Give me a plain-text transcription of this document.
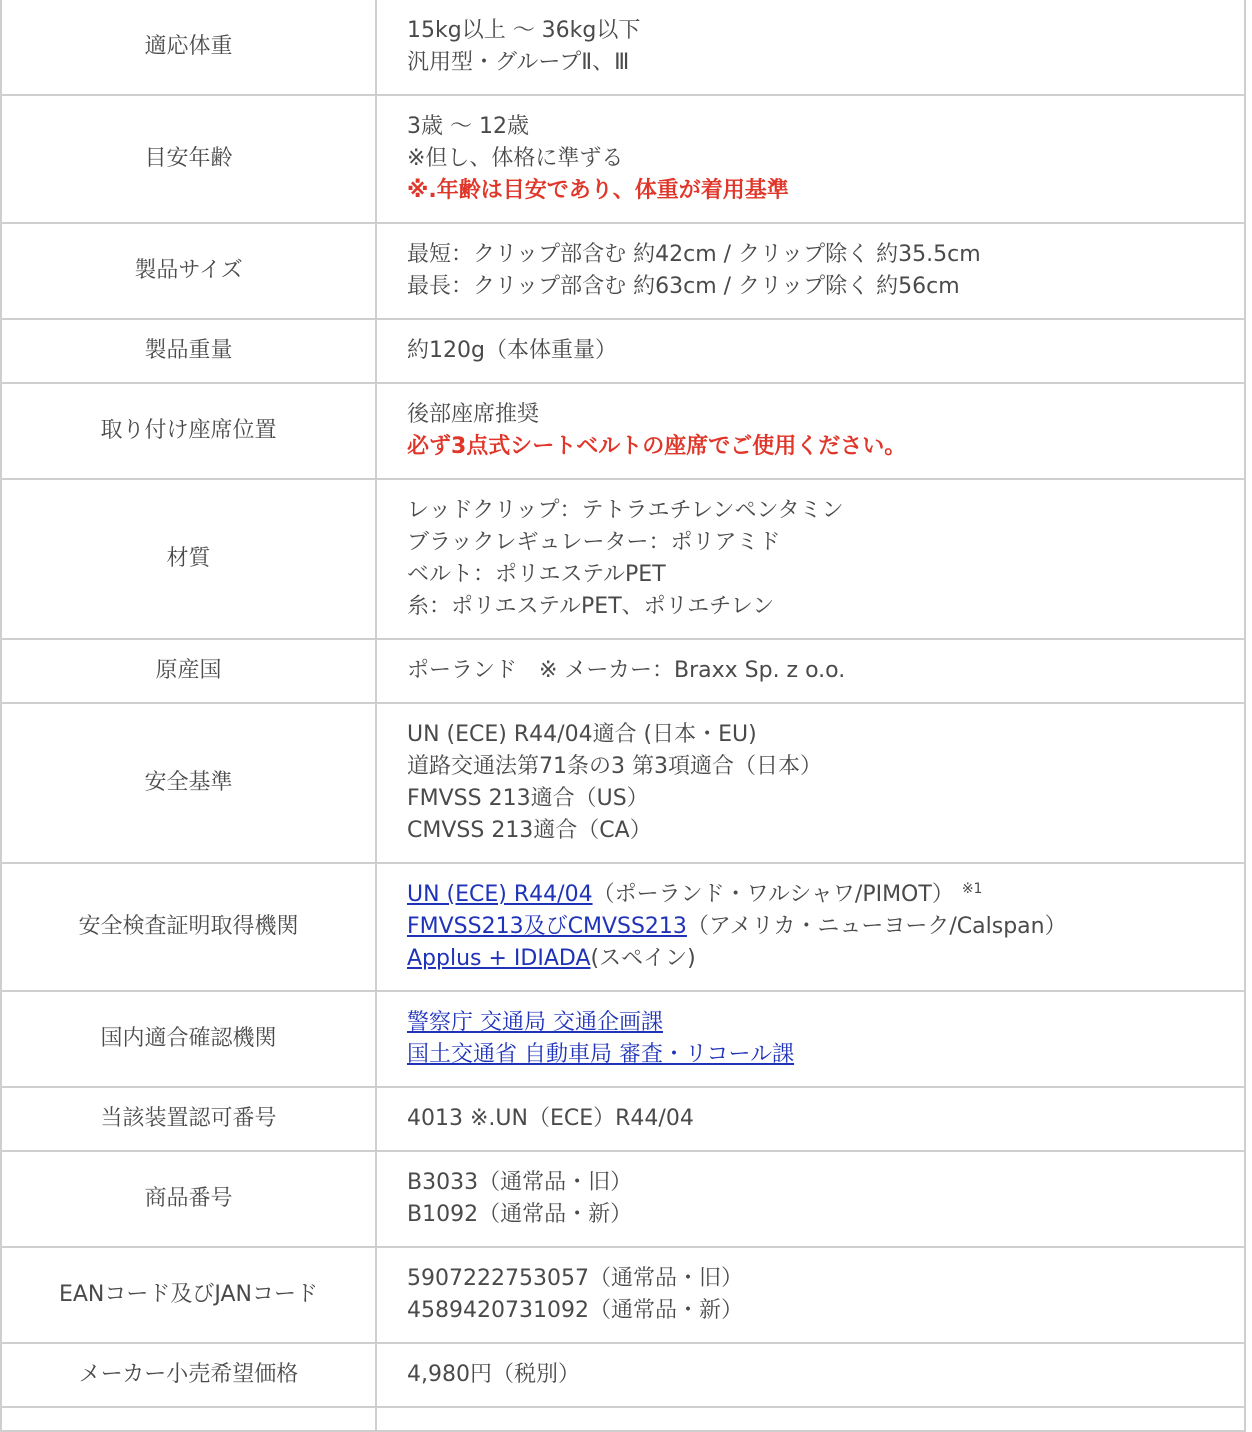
適応体重	15kg以上 〜 36kg以下
汎用型・グループⅡ、Ⅲ

目安年齢	3歳 〜 12歳
※但し、体格に準ずる
※.年齢は目安であり、体重が着用基準

製品サイズ	最短：クリップ部含む 約42cm / クリップ除く 約35.5cm
最長：クリップ部含む 約63cm / クリップ除く 約56cm

製品重量	約120g（本体重量）

取り付け座席位置	後部座席推奨
必ず3点式シートベルトの座席でご使用ください。

材質	レッドクリップ：テトラエチレンペンタミン
ブラックレギュレーター：ポリアミド
ベルト：ポリエステルPET
糸：ポリエステルPET、ポリエチレン

原産国	ポーランド　※ メーカー：Braxx Sp. z o.o.

安全基準	UN (ECE) R44/04適合 (日本・EU)
道路交通法第71条の3 第3項適合（日本）
FMVSS 213適合（US）
CMVSS 213適合（CA）

安全検査証明取得機関	UN (ECE) R44/04（ポーランド・ワルシャワ/PIMOT） $^{※1}$
FMVSS213及びCMVSS213（アメリカ・ニューヨーク/Calspan）
Applus + IDIADA(スペイン)

国内適合確認機関	警察庁 交通局 交通企画課
国土交通省 自動車局 審査・リコール課

当該装置認可番号	4013 ※.UN（ECE）R44/04

商品番号	B3033（通常品・旧）
B1092（通常品・新）

EANコード及びJANコード	5907222753057（通常品・旧）
4589420731092（通常品・新）

メーカー小売希望価格	4,980円（税別）
